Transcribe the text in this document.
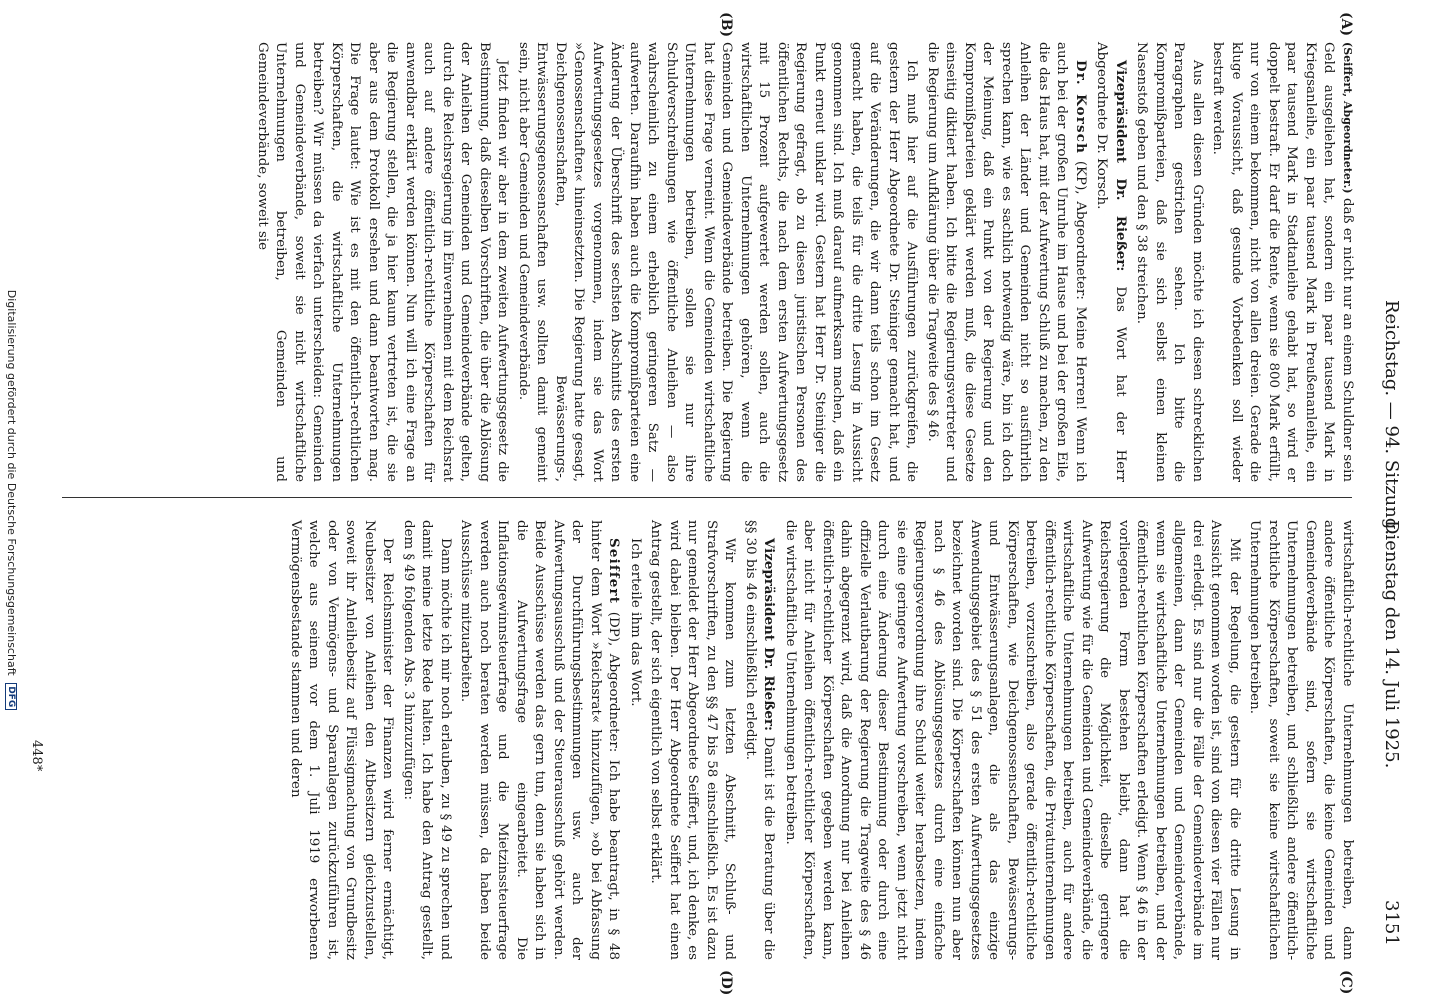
Reichstag. — 94. Sitzung.
Dienstag den 14. Juli 1925.
3151
(A)
(B)
(C)
(D)

(Seiffert, Abgeordneter.) daß er nicht nur an einem Schuldner sein Geld ausgeliehen hat, sondern ein paar tausend Mark in Kriegsanleihe, ein paar tausend Mark in Preußenanleihe, ein paar tausend Mark in Stadtanleihe gehabt hat, so wird er doppelt bestraft. Er darf die Rente, wenn sie 800 Mark erfüllt, nur von einem bekommen, nicht von allen dreien. Gerade die kluge Voraussicht, daß gesunde Vorbedenken soll wieder bestraft werden.

Aus allen diesen Gründen möchte ich diesen schrecklichen Paragraphen gestrichen sehen. Ich bitte die Kompromißparteien, daß sie sich selbst einen kleinen Nasenstoß geben und den § 38 streichen.

Vizepräsident Dr. Rießer: Das Wort hat der Herr Abgeordnete Dr. Korsch.

Dr. Korsch (KP), Abgeordneter: Meine Herren! Wenn ich auch bei der großen Unruhe im Hause und bei der großen Eile, die das Haus hat, mit der Aufwertung Schluß zu machen, zu den Anleihen der Länder und Gemeinden nicht so ausführlich sprechen kann, wie es sachlich notwendig wäre, bin ich doch der Meinung, daß ein Punkt von der Regierung und den Kompromißparteien geklärt werden muß, die diese Gesetze einseitig diktiert haben. Ich bitte die Regierungsvertreter und die Regierung um Aufklärung über die Tragweite des § 46.

Ich muß hier auf die Ausführungen zurückgreifen, die gestern der Herr Abgeordnete Dr. Steiniger gemacht hat, und auf die Veränderungen, die wir dann teils schon im Gesetz gemacht haben, die teils für die dritte Lesung in Aussicht genommen sind. Ich muß darauf aufmerksam machen, daß ein Punkt erneut unklar wird. Gestern hat Herr Dr. Steiniger die Regierung gefragt, ob zu diesen juristischen Personen des öffentlichen Rechts, die nach dem ersten Aufwertungsgesetz mit 15 Prozent aufgewertet werden sollen, auch die wirtschaftlichen Unternehmungen gehören, wenn die Gemeinden und Gemeindeverbände betreiben. Die Regierung hat diese Frage verneint. Wenn die Gemeinden wirtschaftliche Unternehmungen betreiben, sollen sie nur ihre Schuldverschreibungen wie öffentliche Anleihen — also wahrscheinlich zu einem erheblich geringeren Satz — aufwerten. Daraufhin haben auch die Kompromißparteien eine Änderung der Überschrift des sechsten Abschnitts des ersten Aufwertungsgesetzes vorgenommen, indem sie das Wort »Genossenschaften« hineinsetzten. Die Regierung hatte gesagt, Deichgenossenschaften, Bewässerungs-, Entwässerungsgenossenschaften usw. sollten damit gemeint sein, nicht aber Gemeinden und Gemeindeverbände.

Jetzt finden wir aber in dem zweiten Aufwertungsgesetz die Bestimmung, daß dieselben Vorschriften, die über die Ablösung der Anleihen der Gemeinden und Gemeindeverbände gelten, durch die Reichsregierung im Einvernehmen mit dem Reichsrat auch auf andere öffentlich-rechtliche Körperschaften für anwendbar erklärt werden können. Nun will ich eine Frage an die Regierung stellen, die ja hier kaum vertreten ist, die sie aber aus dem Protokoll ersehen und dann beantworten mag. Die Frage lautet: Wie ist es mit den öffentlich-rechtlichen Körperschaften, die wirtschaftliche Unternehmungen betreiben? Wir müssen da vierfach unterscheiden: Gemeinden und Gemeindeverbände, soweit sie nicht wirtschaftliche Unternehmungen betreiben, Gemeinden und Gemeindeverbände, soweit sie

wirtschaftlich-rechtliche Unternehmungen betreiben, dann andere öffentliche Körperschaften, die keine Gemeinden und Gemeindeverbände sind, sofern sie wirtschaftliche Unternehmungen betreiben, und schließlich andere öffentlich-rechtliche Körperschaften, soweit sie keine wirtschaftlichen Unternehmungen betreiben.

Mit der Regelung, die gestern für die dritte Lesung in Aussicht genommen worden ist, sind von diesen vier Fällen nur drei erledigt. Es sind nur die Fälle der Gemeindeverbände im allgemeinen, dann der Gemeinden und Gemeindeverbände, wenn sie wirtschaftliche Unternehmungen betreiben, und der öffentlich-rechtlichen Körperschaften erledigt. Wenn § 46 in der vorliegenden Form bestehen bleibt, dann hat die Reichsregierung die Möglichkeit, dieselbe geringere Aufwertung wie für die Gemeinden und Gemeindeverbände, die wirtschaftliche Unternehmungen betreiben, auch für andere öffentlich-rechtliche Körperschaften, die Privatunternehmungen betreiben, vorzuschreiben, also gerade öffentlich-rechtliche Körperschaften, wie Deichgenossenschaften, Bewässerungs- und Entwässerungsanlagen, die als das einzige Anwendungsgebiet des § 51 des ersten Aufwertungsgesetzes bezeichnet worden sind. Die Körperschaften können nun aber nach § 46 des Ablösungsgesetzes durch eine einfache Regierungsverordnung ihre Schuld weiter herabsetzen, indem sie eine geringere Aufwertung vorschreiben, wenn jetzt nicht durch eine Änderung dieser Bestimmung oder durch eine offizielle Verlautbarung der Regierung die Tragweite des § 46 dahin abgegrenzt wird, daß die Anordnung nur bei Anleihen öffentlich-rechtlicher Körperschaften gegeben werden kann, aber nicht für Anleihen öffentlich-rechtlicher Körperschaften, die wirtschaftliche Unternehmungen betreiben.

Vizepräsident Dr. Rießer: Damit ist die Beratung über die §§ 30 bis 46 einschließlich erledigt.

Wir kommen zum letzten Abschnitt, Schluß- und Strafvorschriften, zu den §§ 47 bis 58 einschließlich. Es ist dazu nur gemeldet der Herr Abgeordnete Seiffert, und, ich denke, es wird dabei bleiben. Der Herr Abgeordnete Seiffert hat einen Antrag gestellt, der sich eigentlich von selbst erklärt.

Ich erteile ihm das Wort.

Seiffert (DP), Abgeordneter: Ich habe beantragt, in § 48 hinter dem Wort »Reichsrat« hinzuzufügen, »ob bei Abfassung der Durchführungsbestimmungen usw. auch der Aufwertungsausschuß und der Steuerausschuß gehört werden. Beide Ausschüsse werden das gern tun, denn sie haben sich in die Aufwertungsfrage eingearbeitet. Die Inflationsgewinnsteuerfrage und die Mietzinssteuerfrage werden auch noch beraten werden müssen, da haben beide Ausschüsse mitzuarbeiten.

Dann möchte ich mir noch erlauben, zu § 49 zu sprechen und damit meine letzte Rede halten. Ich habe den Antrag gestellt, dem § 49 folgenden Abs. 3 hinzuzufügen:

Der Reichsminister der Finanzen wird ferner ermächtigt, Neubesitzer von Anleihen den Altbesitzern gleichzustellen, soweit ihr Anleihebesitz auf Flüssigmachung von Grundbesitz oder von Vermögens- und Sparanlagen zurückzuführen ist, welche aus seinem vor dem 1. Juli 1919 erworbenen Vermögensbestande stammen und deren

448*
Digitalisierung gefördert durch die Deutsche Forschungsgemeinschaft DFG
